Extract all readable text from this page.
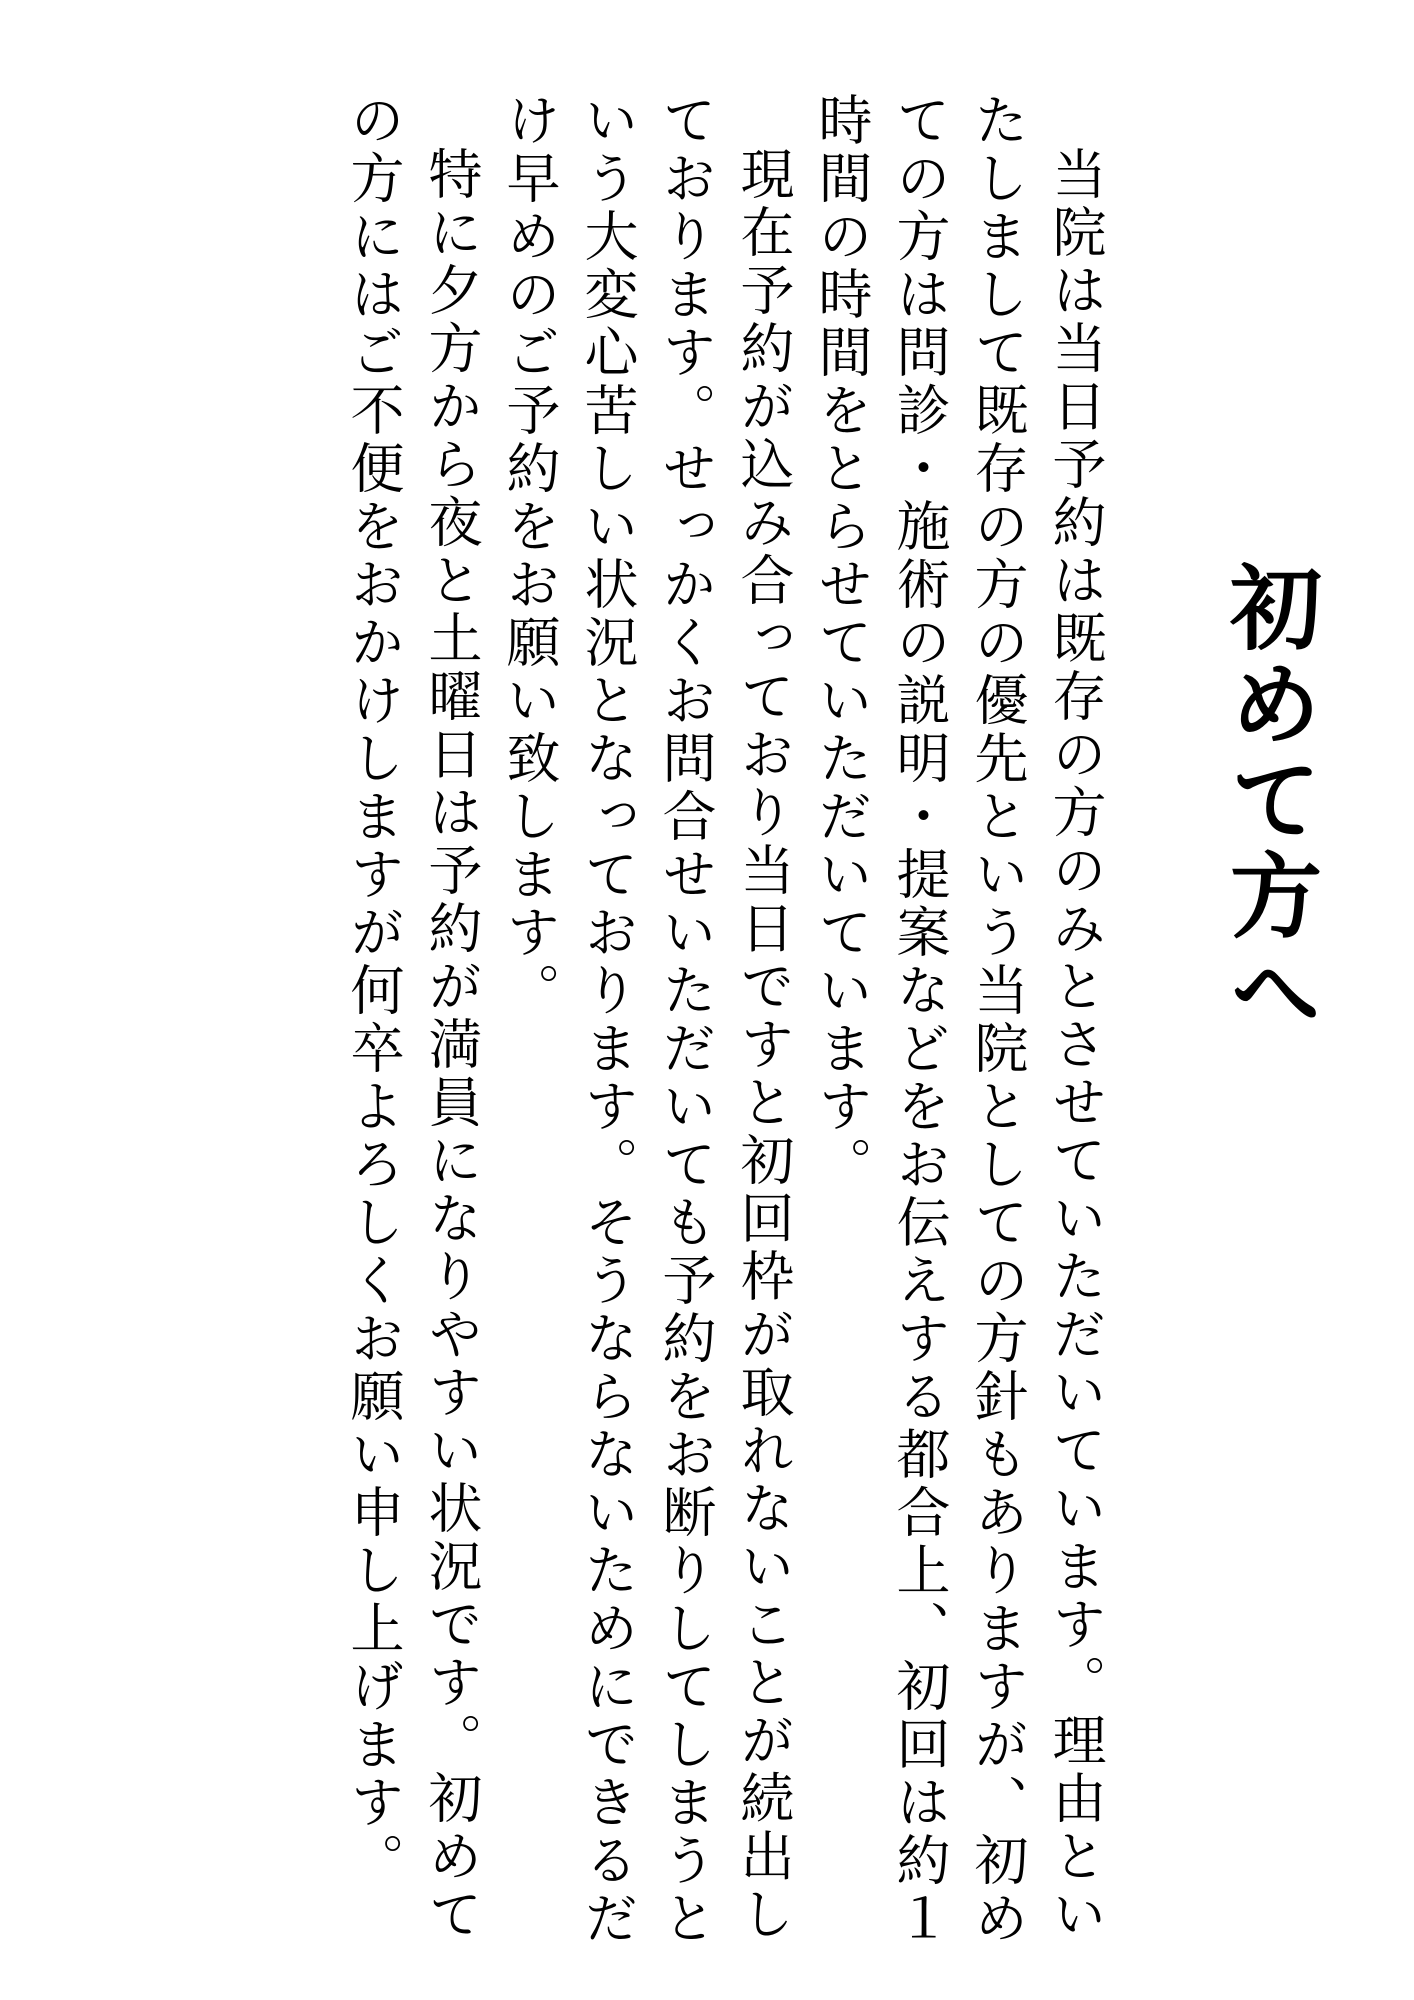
初めて方へ

当院は当日予約は既存の方のみとさせていただいています。理由といたしまして既存の方の優先という当院としての方針もありますが、初めての方は問診・施術の説明・提案などをお伝えする都合上、初回は約１時間の時間をとらせていただいています。

現在予約が込み合っており当日ですと初回枠が取れないことが続出しております。せっかくお問合せいただいても予約をお断りしてしまうという大変心苦しい状況となっております。そうならないためにできるだけ早めのご予約をお願い致します。

特に夕方から夜と土曜日は予約が満員になりやすい状況です。初めての方にはご不便をおかけしますが何卒よろしくお願い申し上げます。
